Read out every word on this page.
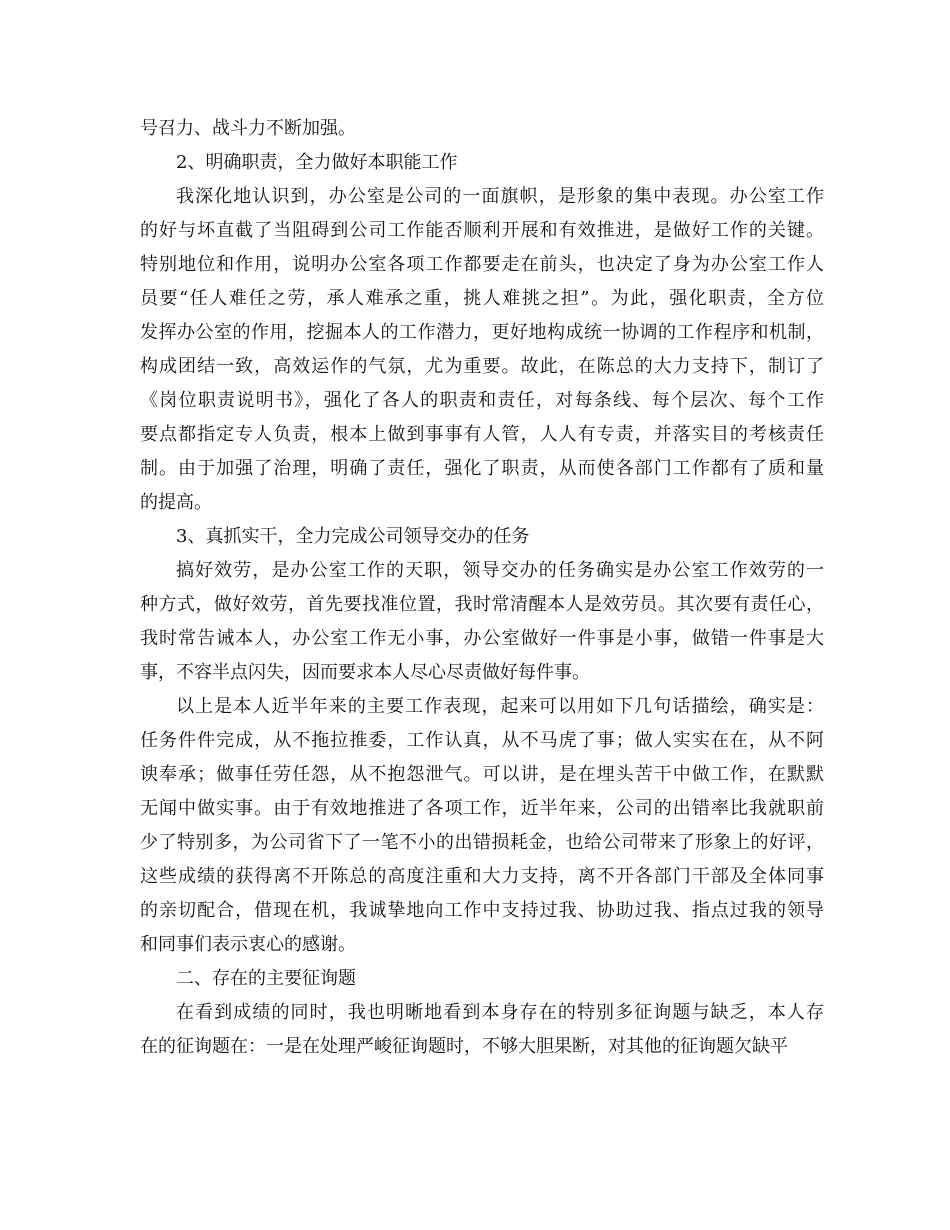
号召力、战斗力不断加强。
2、明确职责，全力做好本职能工作
我深化地认识到，办公室是公司的一面旗帜，是形象的集中表现。办公室工作
的好与坏直截了当阻碍到公司工作能否顺利开展和有效推进，是做好工作的关键。
特别地位和作用，说明办公室各项工作都要走在前头，也决定了身为办公室工作人
员要“任人难任之劳，承人难承之重，挑人难挑之担”。为此，强化职责，全方位
发挥办公室的作用，挖掘本人的工作潜力，更好地构成统一协调的工作程序和机制，
构成团结一致，高效运作的气氛，尤为重要。故此，在陈总的大力支持下，制订了
《岗位职责说明书》，强化了各人的职责和责任，对每条线、每个层次、每个工作
要点都指定专人负责，根本上做到事事有人管，人人有专责，并落实目的考核责任
制。由于加强了治理，明确了责任，强化了职责，从而使各部门工作都有了质和量
的提高。
3、真抓实干，全力完成公司领导交办的任务
搞好效劳，是办公室工作的天职，领导交办的任务确实是办公室工作效劳的一
种方式，做好效劳，首先要找准位置，我时常清醒本人是效劳员。其次要有责任心，
我时常告诫本人，办公室工作无小事，办公室做好一件事是小事，做错一件事是大
事，不容半点闪失，因而要求本人尽心尽责做好每件事。
以上是本人近半年来的主要工作表现，起来可以用如下几句话描绘，确实是：
任务件件完成，从不拖拉推委，工作认真，从不马虎了事；做人实实在在，从不阿
谀奉承；做事任劳任怨，从不抱怨泄气。可以讲，是在埋头苦干中做工作，在默默
无闻中做实事。由于有效地推进了各项工作，近半年来，公司的出错率比我就职前
少了特别多，为公司省下了一笔不小的出错损耗金，也给公司带来了形象上的好评，
这些成绩的获得离不开陈总的高度注重和大力支持，离不开各部门干部及全体同事
的亲切配合，借现在机，我诚挚地向工作中支持过我、协助过我、指点过我的领导
和同事们表示衷心的感谢。
二、存在的主要征询题
在看到成绩的同时，我也明晰地看到本身存在的特别多征询题与缺乏，本人存
在的征询题在：一是在处理严峻征询题时，不够大胆果断，对其他的征询题欠缺平
